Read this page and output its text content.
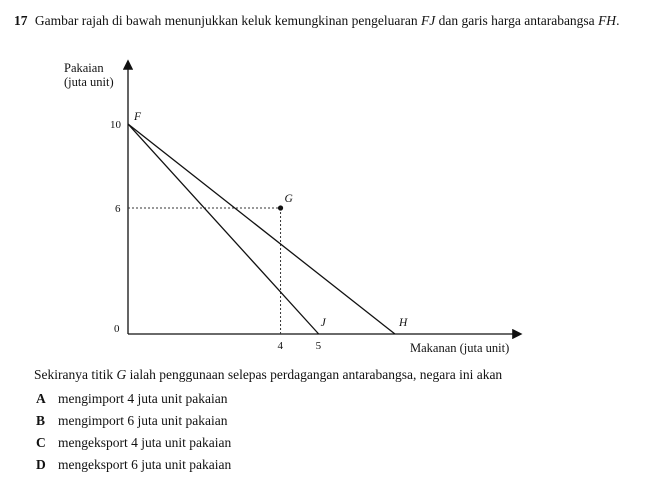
17 Gambar rajah di bawah menunjukkan keluk kemungkinan pengeluaran FJ dan garis harga antarabangsa FH.
Pakaian
(juta unit)
Makanan (juta unit)
0
4	5
6
10
F
G
J	H
Sekiranya titik G ialah penggunaan selepas perdagangan antarabangsa, negara ini akan
A mengimport 4 juta unit pakaian
B mengimport 6 juta unit pakaian
C mengeksport 4 juta unit pakaian
D mengeksport 6 juta unit pakaian
